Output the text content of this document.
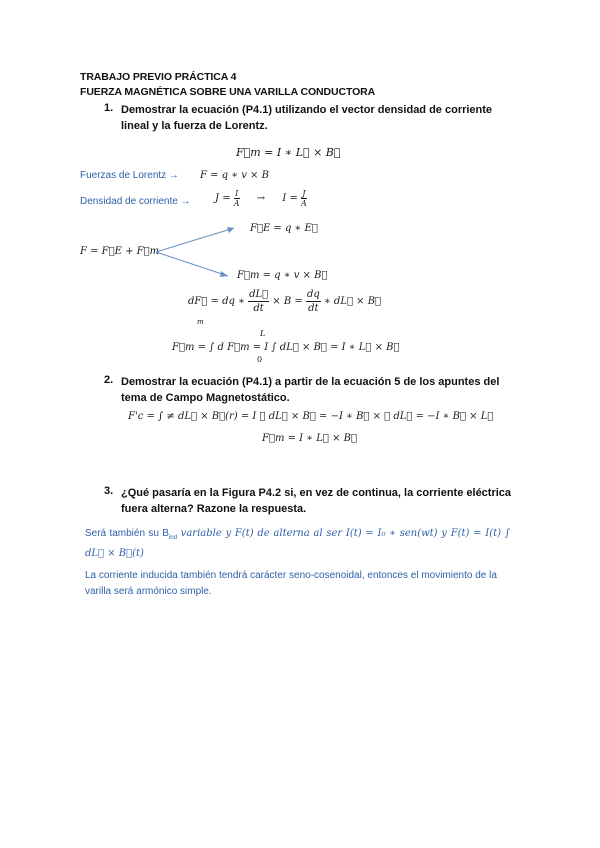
TRABAJO PREVIO PRÁCTICA 4
FUERZA MAGNÉTICA SOBRE UNA VARILLA CONDUCTORA
1. Demostrar la ecuación (P4.1) utilizando el vector densidad de corriente lineal y la fuerza de Lorentz.
F⃗m = I ∗ L⃗ × B⃗
Fuerzas de Lorentz → F = q ∗ v × B
Densidad de corriente → $J = \frac{I}{A} \to I = \frac{J}{A}$
F = F⃗E + F⃗m
F⃗E = q ∗ E⃗
F⃗m = q ∗ v × B⃗
dF⃗
m
= dq ∗ $\frac{dL⃗}{dt} \times B = \frac{dq}{dt}$ ∗ dL⃗ × B⃗
F⃗m = ∫ d F⃗m = I ∫ dL⃗ × B⃗ = I ∗ L⃗ × B⃗
L
0
2. Demostrar la ecuación (P4.1) a partir de la ecuación 5 de los apuntes del tema de Campo Magnetostático.
F'c = ∫ ≠ dL⃗ × B⃗(r) = I ∮ dL⃗ × B⃗ = −I ∗ B⃗ × ∮ dL⃗ = −I ∗ B⃗ × L⃗
F⃗m = I ∗ L⃗ × B⃗
3. ¿Qué pasaría en la Figura P4.2 si, en vez de continua, la corriente eléctrica fuera alterna? Razone la respuesta.
Será también su $B_{ind}$ variable y F(t) de alterna al ser I(t) = I₀ ∗ sen(wt) y F(t) = I(t) ∫ dL⃗ × B⃗(t)
La corriente inducida también tendrá carácter seno-cosenoidal, entonces el movimiento de la varilla será armónico simple.
